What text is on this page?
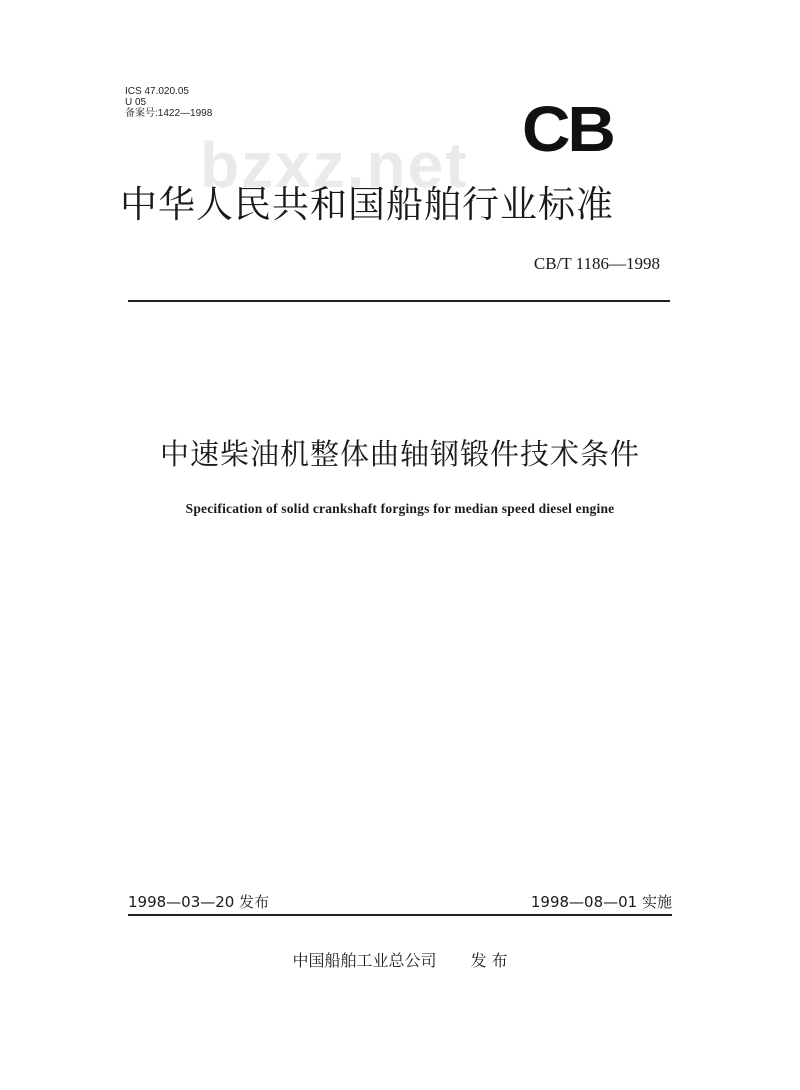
ICS 47.020.05
U 05
备案号:1422—1998
bzxz.net CB
中华人民共和国船舶行业标准
CB/T 1186—1998
中速柴油机整体曲轴钢锻件技术条件
Specification of solid crankshaft forgings for median speed diesel engine
1998—03—20 发布	1998—08—01 实施
中国船舶工业总公司 发 布
